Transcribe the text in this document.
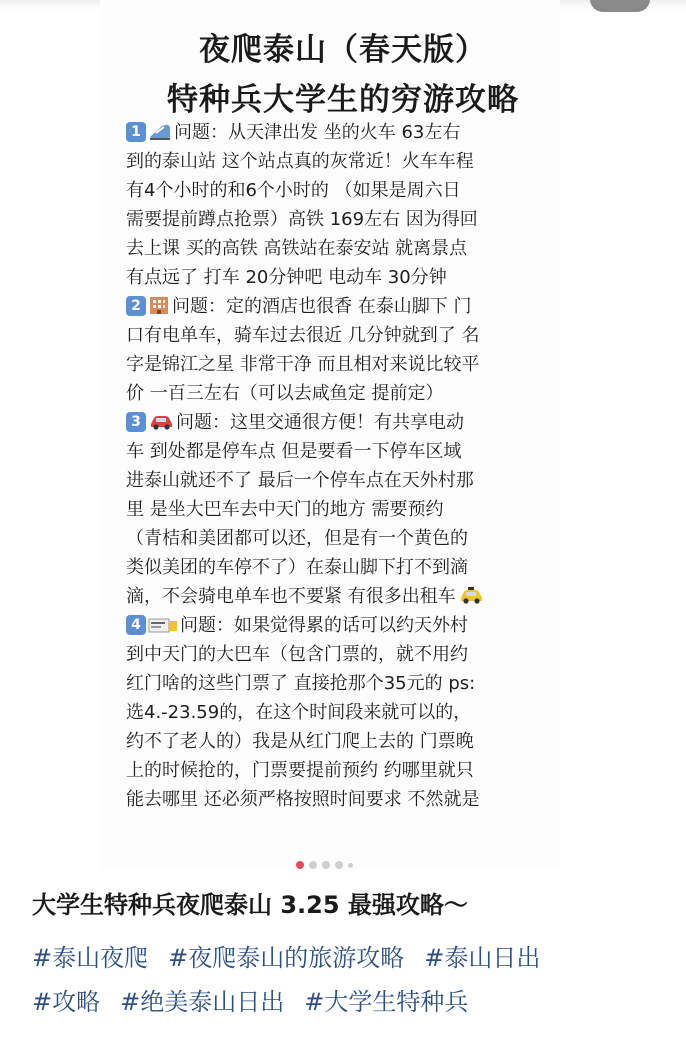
夜爬泰山（春天版）
特种兵大学生的穷游攻略
1 问题：从天津出发 坐的火车 63左右
到的泰山站 这个站点真的灰常近！火车车程
有4个小时的和6个小时的 （如果是周六日
需要提前蹲点抢票）高铁 169左右 因为得回
去上课 买的高铁 高铁站在泰安站 就离景点
有点远了 打车 20分钟吧 电动车 30分钟
2 问题：定的酒店也很香 在泰山脚下 门
口有电单车，骑车过去很近 几分钟就到了 名
字是锦江之星 非常干净 而且相对来说比较平
价 一百三左右（可以去咸鱼定 提前定）
3 问题：这里交通很方便！有共享电动
车 到处都是停车点 但是要看一下停车区域
进泰山就还不了 最后一个停车点在天外村那
里 是坐大巴车去中天门的地方 需要预约
（青桔和美团都可以还，但是有一个黄色的
类似美团的车停不了）在泰山脚下打不到滴
滴，不会骑电单车也不要紧 有很多出租车
4 问题：如果觉得累的话可以约天外村
到中天门的大巴车（包含门票的，就不用约
红门啥的这些门票了 直接抢那个35元的 ps:
选4.-23.59的，在这个时间段来就可以的，
约不了老人的）我是从红门爬上去的 门票晚
上的时候抢的，门票要提前预约 约哪里就只
能去哪里 还必须严格按照时间要求 不然就是
大学生特种兵夜爬泰山 3.25 最强攻略～
#泰山夜爬 #夜爬泰山的旅游攻略 #泰山日出
#攻略 #绝美泰山日出 #大学生特种兵
